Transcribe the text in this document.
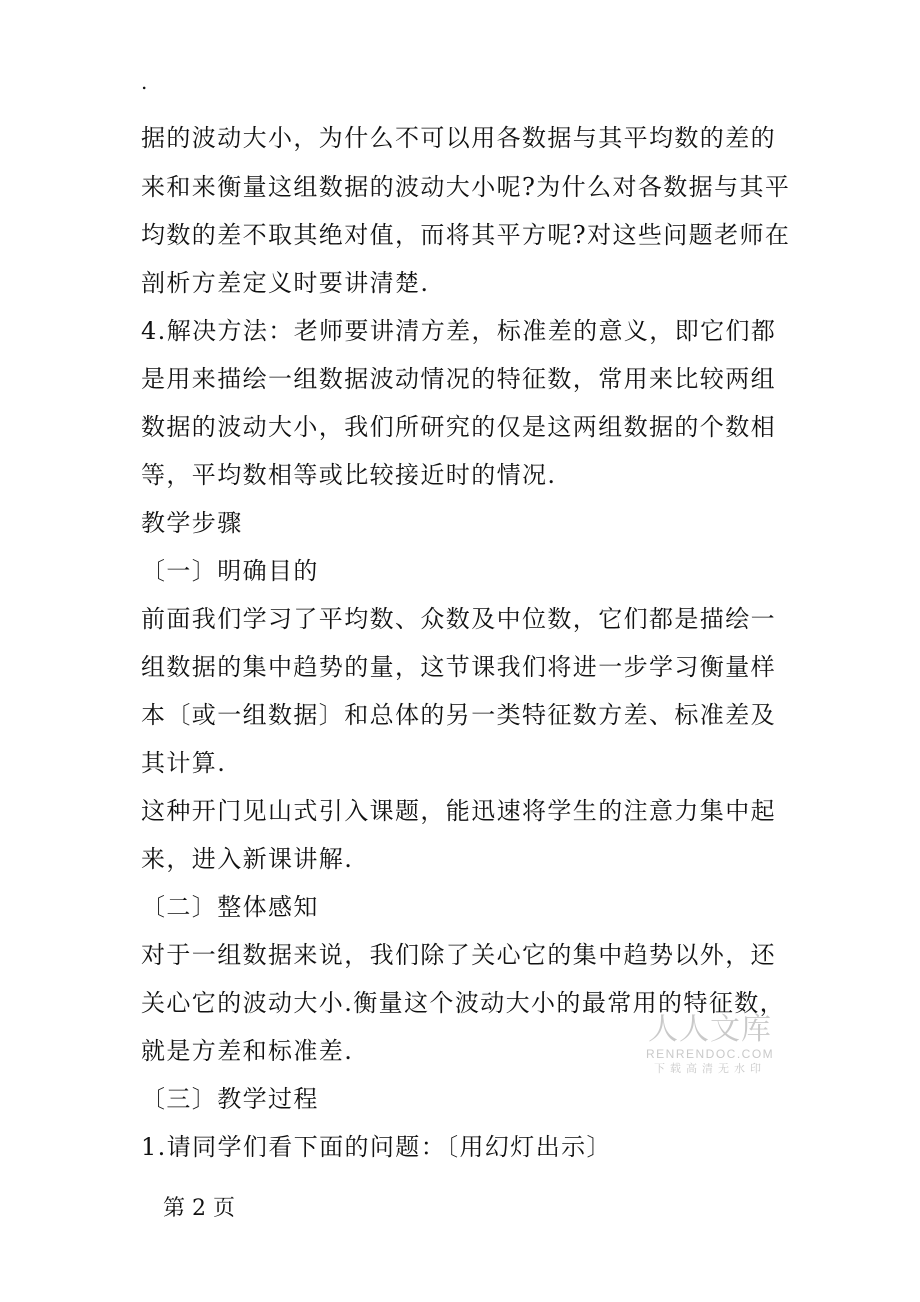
.
据的波动大小，为什么不可以用各数据与其平均数的差的
来和来衡量这组数据的波动大小呢?为什么对各数据与其平
均数的差不取其绝对值，而将其平方呢?对这些问题老师在
剖析方差定义时要讲清楚.
4.解决方法：老师要讲清方差，标准差的意义，即它们都
是用来描绘一组数据波动情况的特征数，常用来比较两组
数据的波动大小，我们所研究的仅是这两组数据的个数相
等，平均数相等或比较接近时的情况.
教学步骤
〔一〕明确目的
前面我们学习了平均数、众数及中位数，它们都是描绘一
组数据的集中趋势的量，这节课我们将进一步学习衡量样
本〔或一组数据〕和总体的另一类特征数方差、标准差及
其计算.
这种开门见山式引入课题，能迅速将学生的注意力集中起
来，进入新课讲解.
〔二〕整体感知
对于一组数据来说，我们除了关心它的集中趋势以外，还
关心它的波动大小.衡量这个波动大小的最常用的特征数，
就是方差和标准差.
〔三〕教学过程
1.请同学们看下面的问题：〔用幻灯出示〕
第 2 页
人人文库
RENRENDOC.COM
下载高清无水印
